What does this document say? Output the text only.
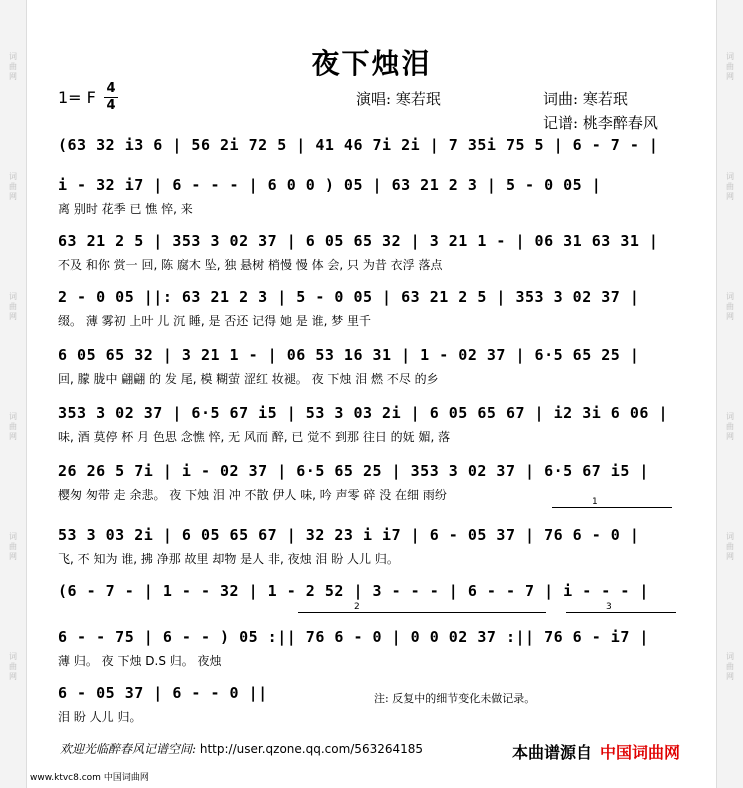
词
曲
网
词
曲
网
词
曲
网
词
曲
网
词
曲
网
词
曲
网
词
曲
网
词
曲
网
词
曲
网
词
曲
网
词
曲
网
词
曲
网
夜下烛泪
1= F 4
4	演唱: 寒若珉	词曲: 寒若珉
记谱: 桃李醉春风
(63 32 i3 6 | 56 2i 72 5 | 41 46 7i 2i | 7 35i 75 5 | 6 - 7 - |
i - 32 i7 | 6 - - - | 6 0 0 ) 05 | 63 21 2 3 | 5 - 0 05 |
离 别时 花季 已 憔 悴, 来
63 21 2 5 | 353 3 02 37 | 6 05 65 32 | 3 21 1 - | 06 31 63 31 |
不及 和你 赏一 回, 陈 腐木 坠, 独 悬树 梢慢 慢 体 会, 只 为昔 衣浮 落点
2 - 0 05 ||: 63 21 2 3 | 5 - 0 05 | 63 21 2 5 | 353 3 02 37 |
缀。 薄 雾初 上叶 儿 沉 睡, 是 否还 记得 她 是 谁, 梦 里千
6 05 65 32 | 3 21 1 - | 06 53 16 31 | 1 - 02 37 | 6·5 65 25 |
回, 朦 胧中 翩翩 的 发 尾, 模 糊萤 涩红 妆褪。 夜 下烛 泪 燃 不尽 的乡
353 3 02 37 | 6·5 67 i5 | 53 3 03 2i | 6 05 65 67 | i2 3i 6 06 |
味, 酒 莫停 杯 月 色思 念憔 悴, 无 风而 醉, 已 觉不 到那 往日 的妩 媚, 落
26 26 5 7i | i - 02 37 | 6·5 65 25 | 353 3 02 37 | 6·5 67 i5 |
樱匆 匆带 走 余悲。 夜 下烛 泪 冲 不散 伊人 味, 吟 声零 碎 没 在细 雨纷
53 3 03 2i | 6 05 65 67 | 32 23 i i7 | 6 - 05 37 | 76 6 - 0 |
飞, 不 知为 谁, 拂 净那 故里 却物 是人 非, 夜烛 泪 盼 人儿 归。
(6 - 7 - | 1 - - 32 | 1 - 2 52 | 3 - - - | 6 - - 7 | i - - - |
6 - - 75 | 6 - - ) 05 :|| 76 6 - 0 | 0 0 02 37 :|| 76 6 - i7 |
薄 归。 夜 下烛 D.S 归。 夜烛
6 - 05 37 | 6 - - 0 ||
泪 盼 人儿 归。
1
2	3
注: 反复中的细节变化未做记录。
欢迎光临醉春风记谱空间: http://user.qzone.qq.com/563264185
www.ktvc8.com 中国词曲网
本曲谱源自 中国词曲网
